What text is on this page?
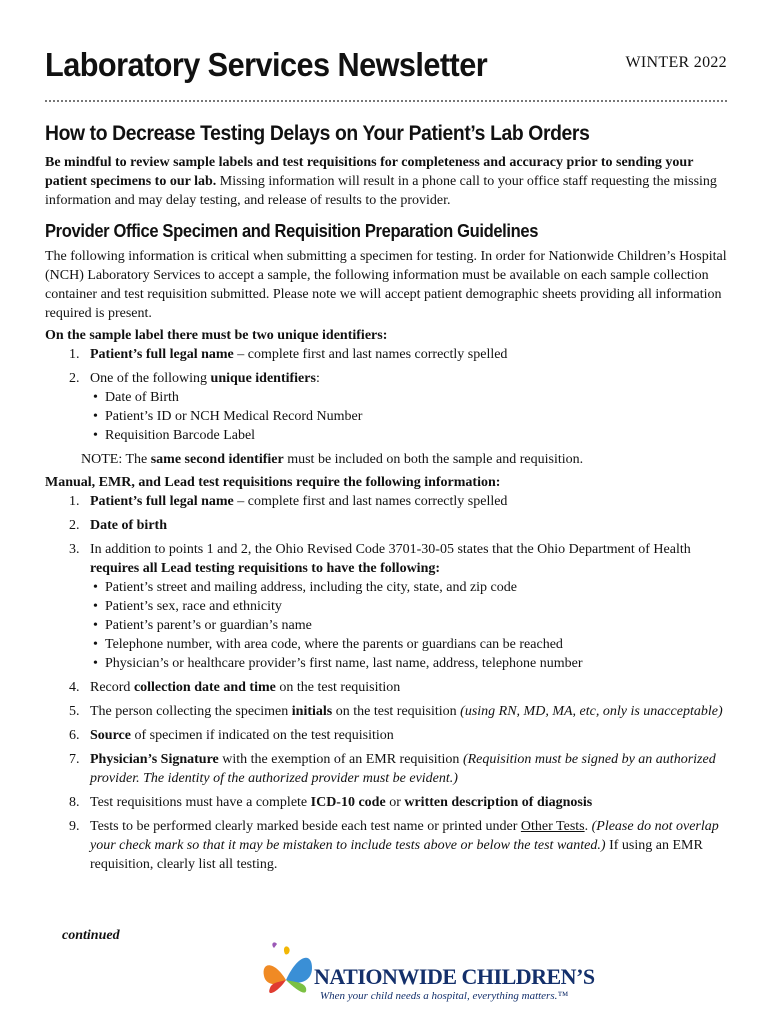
Laboratory Services Newsletter	WINTER 2022
How to Decrease Testing Delays on Your Patient’s Lab Orders

Be mindful to review sample labels and test requisitions for completeness and accuracy prior to sending your patient specimens to our lab. Missing information will result in a phone call to your office staff requesting the missing information and may delay testing, and release of results to the provider.

Provider Office Specimen and Requisition Preparation Guidelines

The following information is critical when submitting a specimen for testing. In order for Nationwide Children’s Hospital (NCH) Laboratory Services to accept a sample, the following information must be available on each sample collection container and test requisition submitted. Please note we will accept patient demographic sheets providing all information required is present.

On the sample label there must be two unique identifiers:

1. Patient’s full legal name – complete first and last names correctly spelled
2. One of the following unique identifiers:
• Date of Birth
• Patient’s ID or NCH Medical Record Number
• Requisition Barcode Label

NOTE: The same second identifier must be included on both the sample and requisition.

Manual, EMR, and Lead test requisitions require the following information:

1. Patient’s full legal name – complete first and last names correctly spelled
2. Date of birth
3. In addition to points 1 and 2, the Ohio Revised Code 3701-30-05 states that the Ohio Department of Health requires all Lead testing requisitions to have the following:
• Patient’s street and mailing address, including the city, state, and zip code
• Patient’s sex, race and ethnicity
• Patient’s parent’s or guardian’s name
• Telephone number, with area code, where the parents or guardians can be reached
• Physician’s or healthcare provider’s first name, last name, address, telephone number
4. Record collection date and time on the test requisition
5. The person collecting the specimen initials on the test requisition (using RN, MD, MA, etc, only is unacceptable)
6. Source of specimen if indicated on the test requisition
7. Physician’s Signature with the exemption of an EMR requisition (Requisition must be signed by an authorized provider. The identity of the authorized provider must be evident.)
8. Test requisitions must have a complete ICD-10 code or written description of diagnosis
9. Tests to be performed clearly marked beside each test name or printed under Other Tests. (Please do not overlap your check mark so that it may be mistaken to include tests above or below the test wanted.) If using an EMR requisition, clearly list all testing.
continued
NATIONWIDE CHILDREN’S
When your child needs a hospital, everything matters.™
